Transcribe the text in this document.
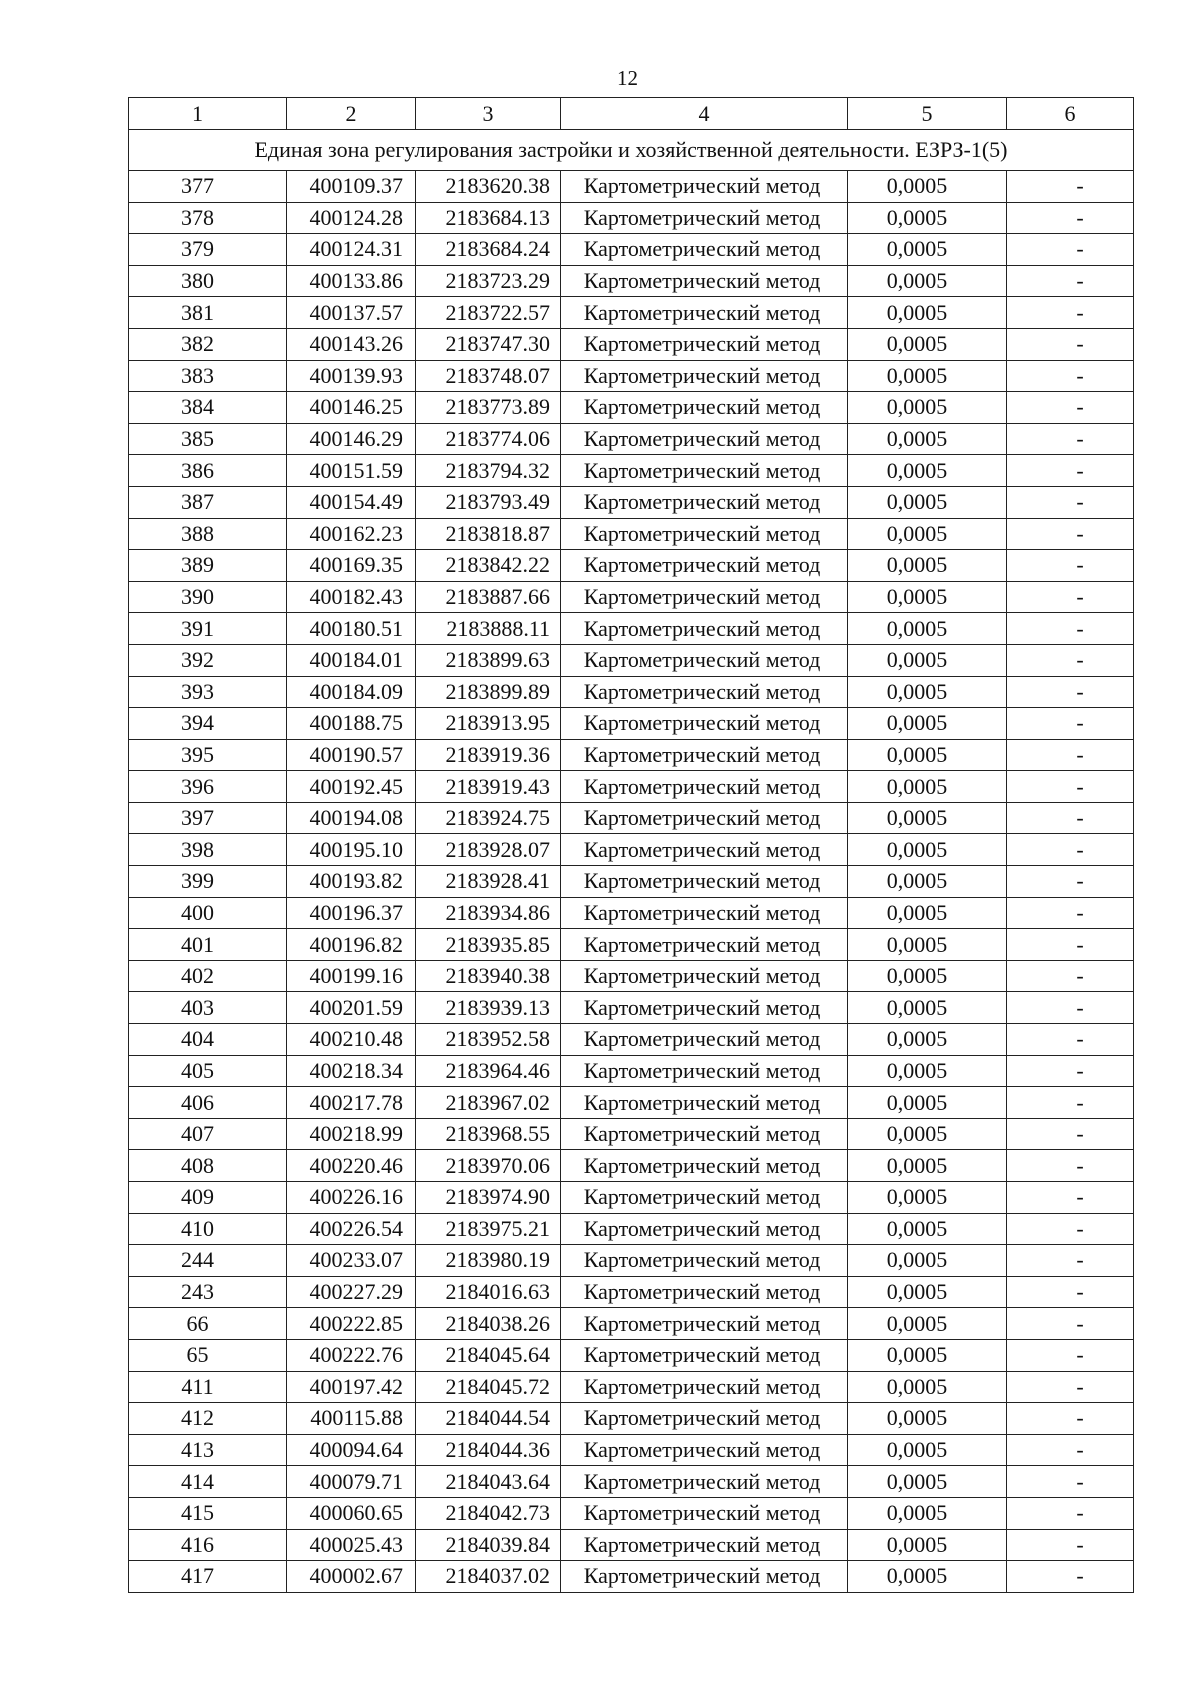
12
1	2	3	4	5	6
Единая зона регулирования застройки и хозяйственной деятельности. ЕЗРЗ-1(5)					
377	400109.37	2183620.38	Картометрический метод	0,0005	-
378	400124.28	2183684.13	Картометрический метод	0,0005	-
379	400124.31	2183684.24	Картометрический метод	0,0005	-
380	400133.86	2183723.29	Картометрический метод	0,0005	-
381	400137.57	2183722.57	Картометрический метод	0,0005	-
382	400143.26	2183747.30	Картометрический метод	0,0005	-
383	400139.93	2183748.07	Картометрический метод	0,0005	-
384	400146.25	2183773.89	Картометрический метод	0,0005	-
385	400146.29	2183774.06	Картометрический метод	0,0005	-
386	400151.59	2183794.32	Картометрический метод	0,0005	-
387	400154.49	2183793.49	Картометрический метод	0,0005	-
388	400162.23	2183818.87	Картометрический метод	0,0005	-
389	400169.35	2183842.22	Картометрический метод	0,0005	-
390	400182.43	2183887.66	Картометрический метод	0,0005	-
391	400180.51	2183888.11	Картометрический метод	0,0005	-
392	400184.01	2183899.63	Картометрический метод	0,0005	-
393	400184.09	2183899.89	Картометрический метод	0,0005	-
394	400188.75	2183913.95	Картометрический метод	0,0005	-
395	400190.57	2183919.36	Картометрический метод	0,0005	-
396	400192.45	2183919.43	Картометрический метод	0,0005	-
397	400194.08	2183924.75	Картометрический метод	0,0005	-
398	400195.10	2183928.07	Картометрический метод	0,0005	-
399	400193.82	2183928.41	Картометрический метод	0,0005	-
400	400196.37	2183934.86	Картометрический метод	0,0005	-
401	400196.82	2183935.85	Картометрический метод	0,0005	-
402	400199.16	2183940.38	Картометрический метод	0,0005	-
403	400201.59	2183939.13	Картометрический метод	0,0005	-
404	400210.48	2183952.58	Картометрический метод	0,0005	-
405	400218.34	2183964.46	Картометрический метод	0,0005	-
406	400217.78	2183967.02	Картометрический метод	0,0005	-
407	400218.99	2183968.55	Картометрический метод	0,0005	-
408	400220.46	2183970.06	Картометрический метод	0,0005	-
409	400226.16	2183974.90	Картометрический метод	0,0005	-
410	400226.54	2183975.21	Картометрический метод	0,0005	-
244	400233.07	2183980.19	Картометрический метод	0,0005	-
243	400227.29	2184016.63	Картометрический метод	0,0005	-
66	400222.85	2184038.26	Картометрический метод	0,0005	-
65	400222.76	2184045.64	Картометрический метод	0,0005	-
411	400197.42	2184045.72	Картометрический метод	0,0005	-
412	400115.88	2184044.54	Картометрический метод	0,0005	-
413	400094.64	2184044.36	Картометрический метод	0,0005	-
414	400079.71	2184043.64	Картометрический метод	0,0005	-
415	400060.65	2184042.73	Картометрический метод	0,0005	-
416	400025.43	2184039.84	Картометрический метод	0,0005	-
417	400002.67	2184037.02	Картометрический метод	0,0005	-
